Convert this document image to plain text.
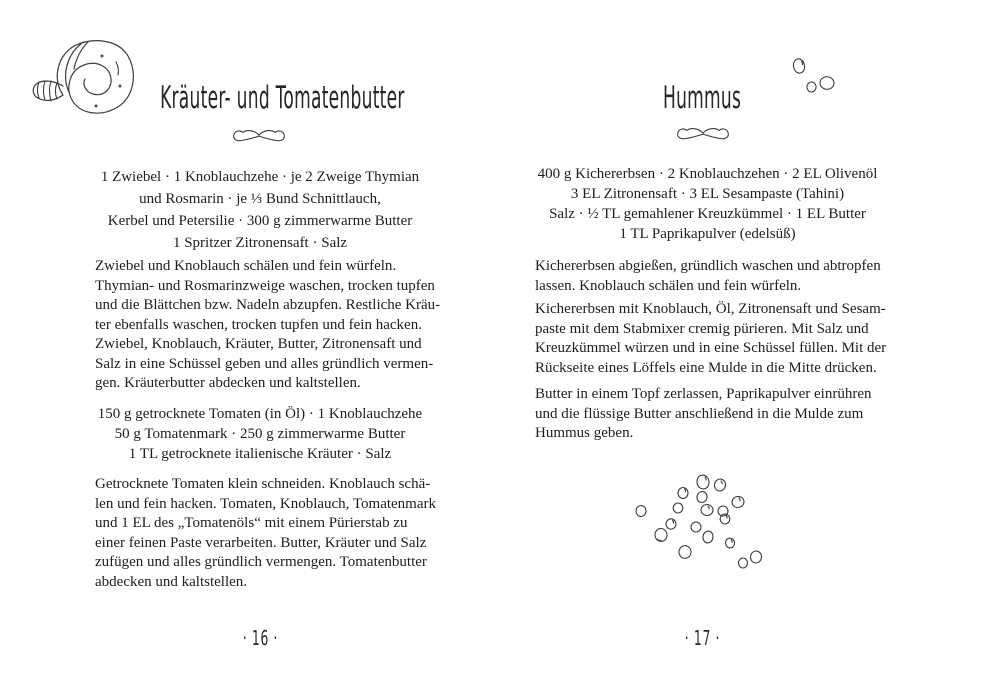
Kräuter- und Tomatenbutter
1 Zwiebel · 1 Knoblauchzehe · je 2 Zweige Thymian
und Rosmarin · je ⅓ Bund Schnittlauch,
Kerbel und Petersilie · 300 g zimmerwarme Butter
1 Spritzer Zitronensaft · Salz
Zwiebel und Knoblauch schälen und fein würfeln.
Thymian- und Rosmarinzweige waschen, trocken tupfen
und die Blättchen bzw. Nadeln abzupfen. Restliche Kräu-
ter ebenfalls waschen, trocken tupfen und fein hacken.
Zwiebel, Knoblauch, Kräuter, Butter, Zitronensaft und
Salz in eine Schüssel geben und alles gründlich vermen-
gen. Kräuterbutter abdecken und kaltstellen.
150 g getrocknete Tomaten (in Öl) · 1 Knoblauchzehe
50 g Tomatenmark · 250 g zimmerwarme Butter
1 TL getrocknete italienische Kräuter · Salz
Getrocknete Tomaten klein schneiden. Knoblauch schä-
len und fein hacken. Tomaten, Knoblauch, Tomatenmark
und 1 EL des „Tomatenöls“ mit einem Pürierstab zu
einer feinen Paste verarbeiten. Butter, Kräuter und Salz
zufügen und alles gründlich vermengen. Tomatenbutter
abdecken und kaltstellen.
· 16 ·
Hummus
400 g Kichererbsen · 2 Knoblauchzehen · 2 EL Olivenöl
3 EL Zitronensaft · 3 EL Sesampaste (Tahini)
Salz · ½ TL gemahlener Kreuzkümmel · 1 EL Butter
1 TL Paprikapulver (edelsüß)
Kichererbsen abgießen, gründlich waschen und abtropfen
lassen. Knoblauch schälen und fein würfeln.
Kichererbsen mit Knoblauch, Öl, Zitronensaft und Sesam-
paste mit dem Stabmixer cremig pürieren. Mit Salz und
Kreuzkümmel würzen und in eine Schüssel füllen. Mit der
Rückseite eines Löffels eine Mulde in die Mitte drücken.
Butter in einem Topf zerlassen, Paprikapulver einrühren
und die flüssige Butter anschließend in die Mulde zum
Hummus geben.
· 17 ·
